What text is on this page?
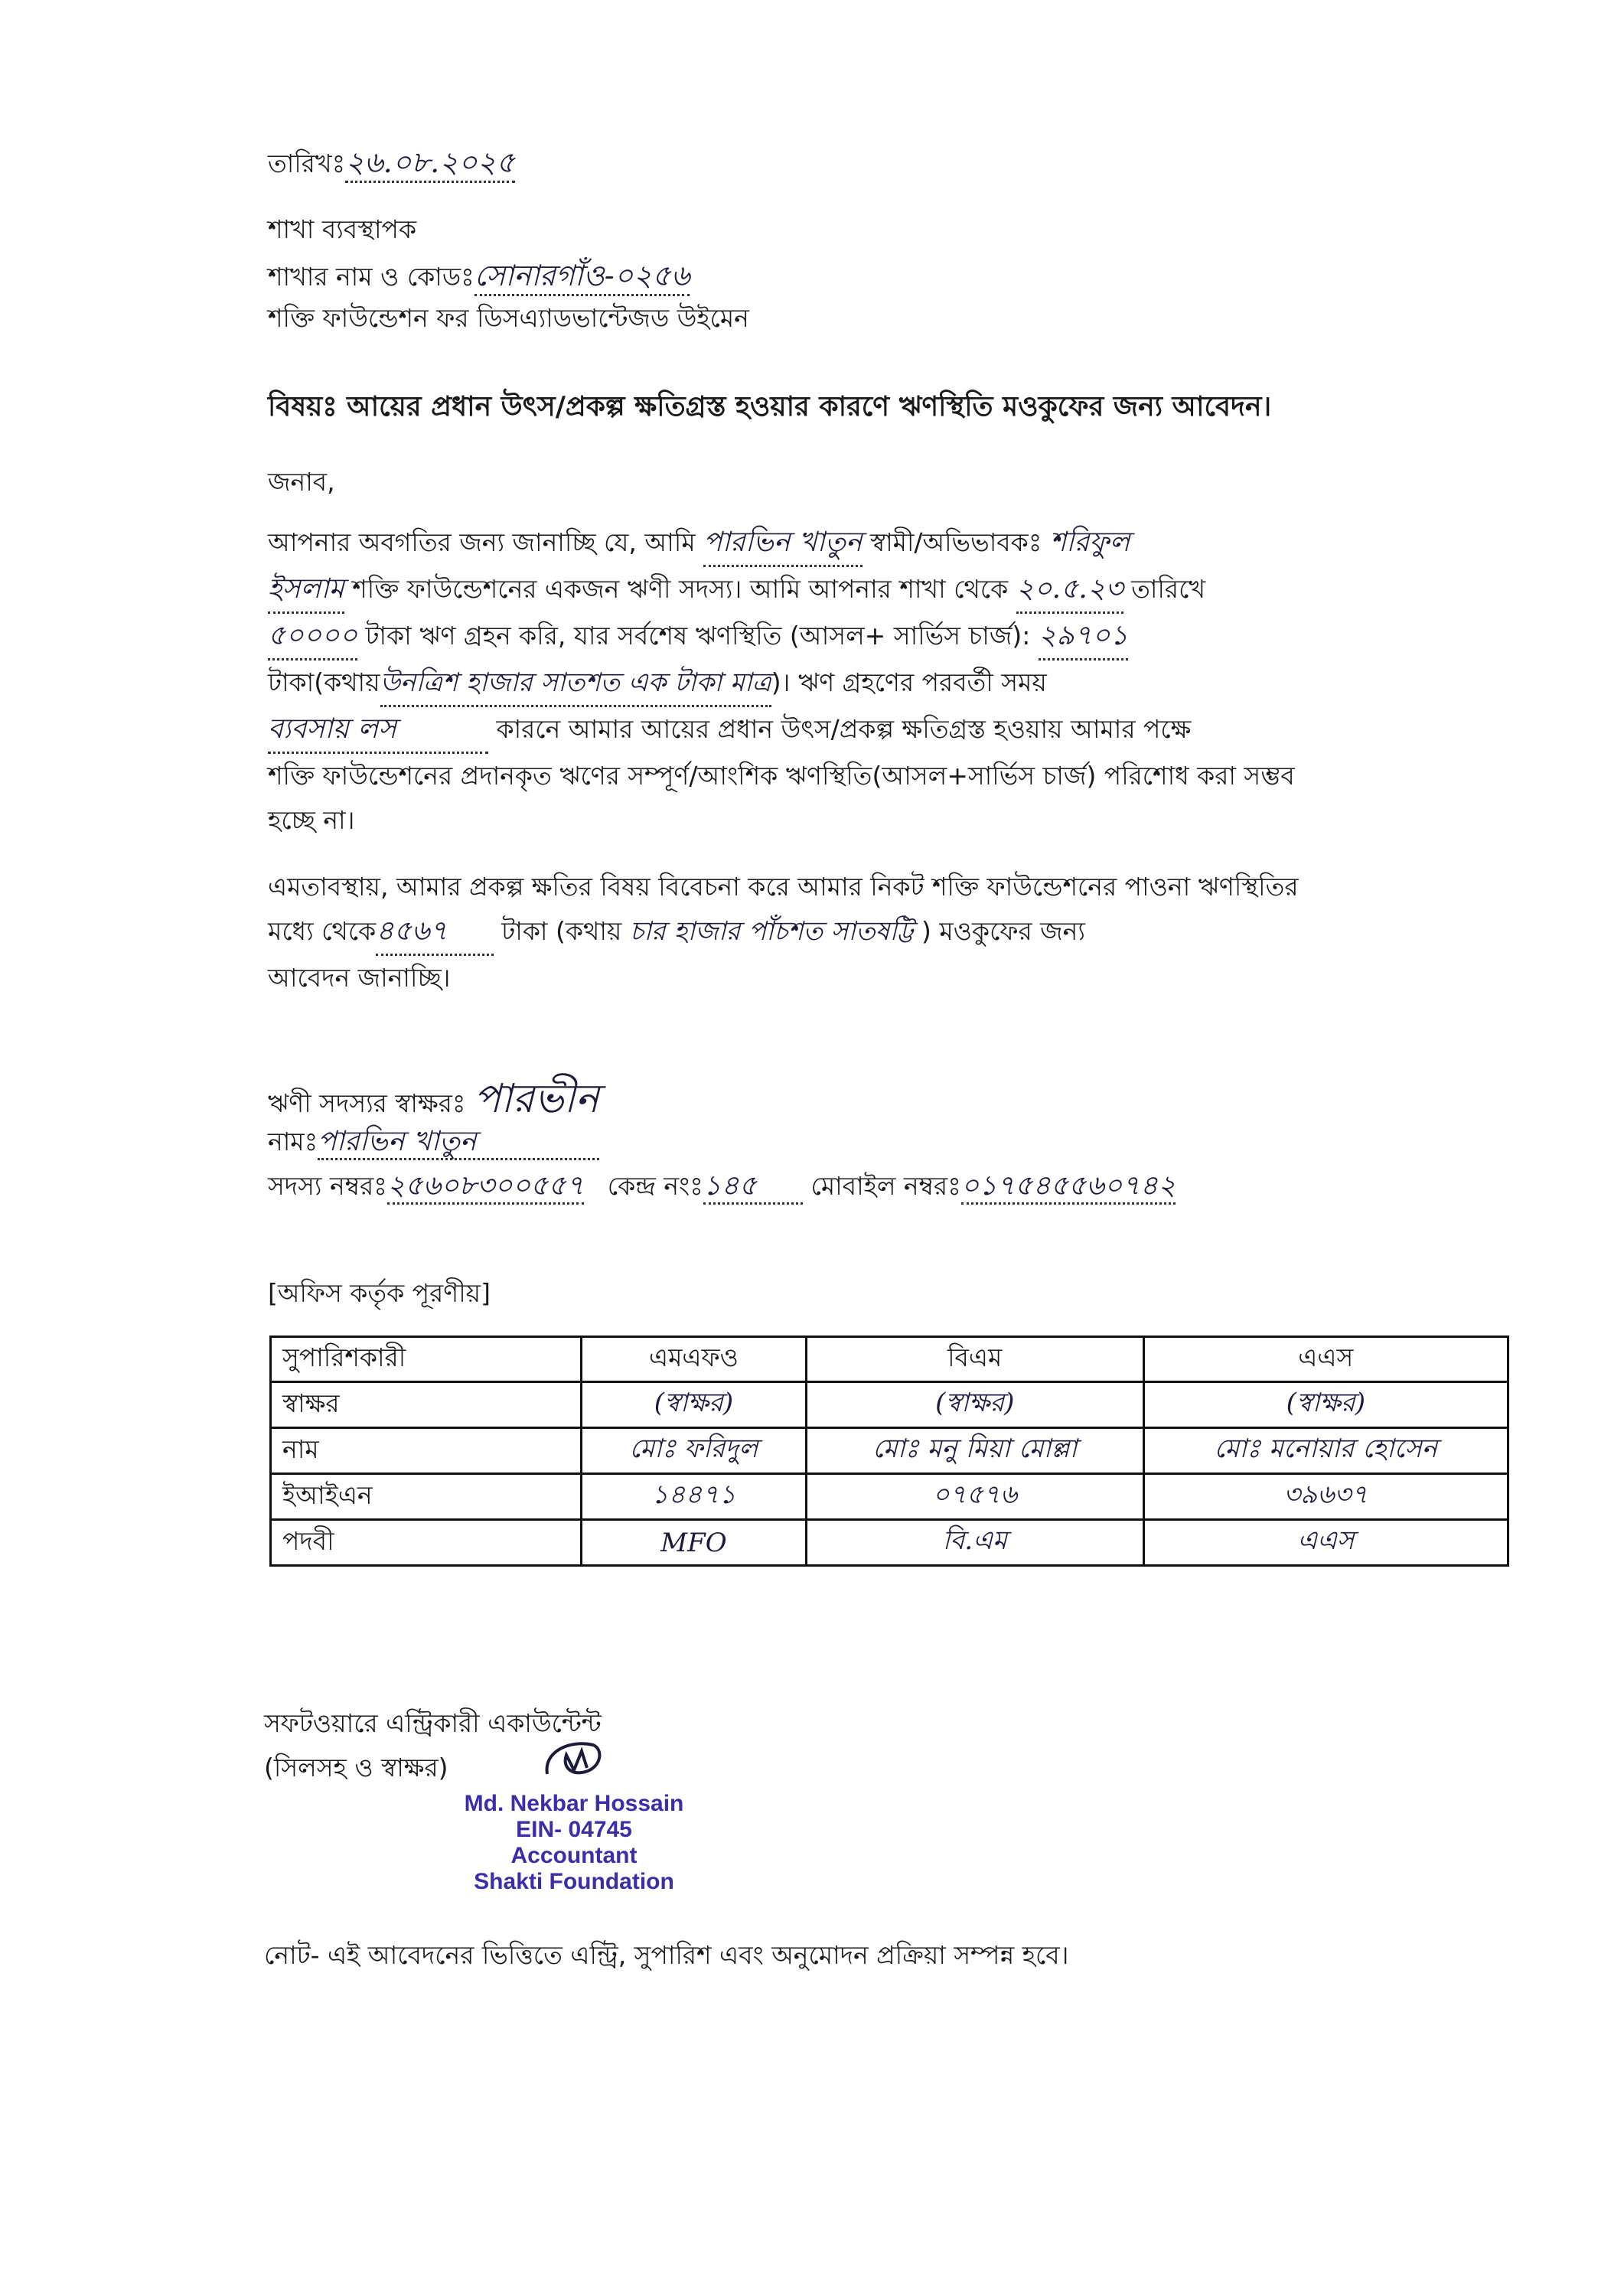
তারিখঃ২৬.০৮.২০২৫
শাখা ব্যবস্থাপক
শাখার নাম ও কোডঃসোনারগাঁও-০২৫৬
শক্তি ফাউন্ডেশন ফর ডিসএ্যাডভান্টেজড উইমেন
বিষয়ঃ আয়ের প্রধান উৎস/প্রকল্প ক্ষতিগ্রস্ত হওয়ার কারণে ঋণস্থিতি মওকুফের জন্য আবেদন।
জনাব,
আপনার অবগতির জন্য জানাচ্ছি যে, আমি পারভিন খাতুন স্বামী/অভিভাবকঃ শরিফুল
ইসলাম শক্তি ফাউন্ডেশনের একজন ঋণী সদস্য। আমি আপনার শাখা থেকে ২০.৫.২৩ তারিখে
৫০০০০ টাকা ঋণ গ্রহন করি, যার সর্বশেষ ঋণস্থিতি (আসল+ সার্ভিস চার্জ): ২৯৭০১
টাকা(কথায়উনত্রিশ হাজার সাতশত এক টাকা মাত্র)। ঋণ গ্রহণের পরবর্তী সময়
ব্যবসায় লস	কারনে আমার আয়ের প্রধান উৎস/প্রকল্প ক্ষতিগ্রস্ত হওয়ায় আমার পক্ষে
শক্তি ফাউন্ডেশনের প্রদানকৃত ঋণের সম্পূর্ণ/আংশিক ঋণস্থিতি(আসল+সার্ভিস চার্জ) পরিশোধ করা সম্ভব
হচ্ছে না।
এমতাবস্থায়, আমার প্রকল্প ক্ষতির বিষয় বিবেচনা করে আমার নিকট শক্তি ফাউন্ডেশনের পাওনা ঋণস্থিতির
মধ্যে থেকে৪৫৬৭ টাকা (কথায় চার হাজার পাঁচশত সাতষট্টি ) মওকুফের জন্য
আবেদন জানাচ্ছি।
ঋণী সদস্যর স্বাক্ষরঃ পারভীন
নামঃপারভিন খাতুন
সদস্য নম্বরঃ২৫৬০৮৩০০৫৫৭ কেন্দ্র নংঃ১৪৫ মোবাইল নম্বরঃ০১৭৫৪৫৫৬০৭৪২
[অফিস কর্তৃক পূরণীয়]
সুপারিশকারী	এমএফও	বিএম	এএস
স্বাক্ষর	(স্বাক্ষর)	(স্বাক্ষর)	(স্বাক্ষর)
নাম	মোঃ ফরিদুল	মোঃ মনু মিয়া মোল্লা	মোঃ মনোয়ার হোসেন
ইআইএন	১৪৪৭১	০৭৫৭৬	৩৯৬৩৭
পদবী	MFO	বি.এম	এএস
সফটওয়ারে এন্ট্রিকারী একাউন্টেন্ট
(সিলসহ ও স্বাক্ষর)
Md. Nekbar Hossain
EIN- 04745
Accountant
Shakti Foundation
নোট- এই আবেদনের ভিত্তিতে এন্ট্রি, সুপারিশ এবং অনুমোদন প্রক্রিয়া সম্পন্ন হবে।
